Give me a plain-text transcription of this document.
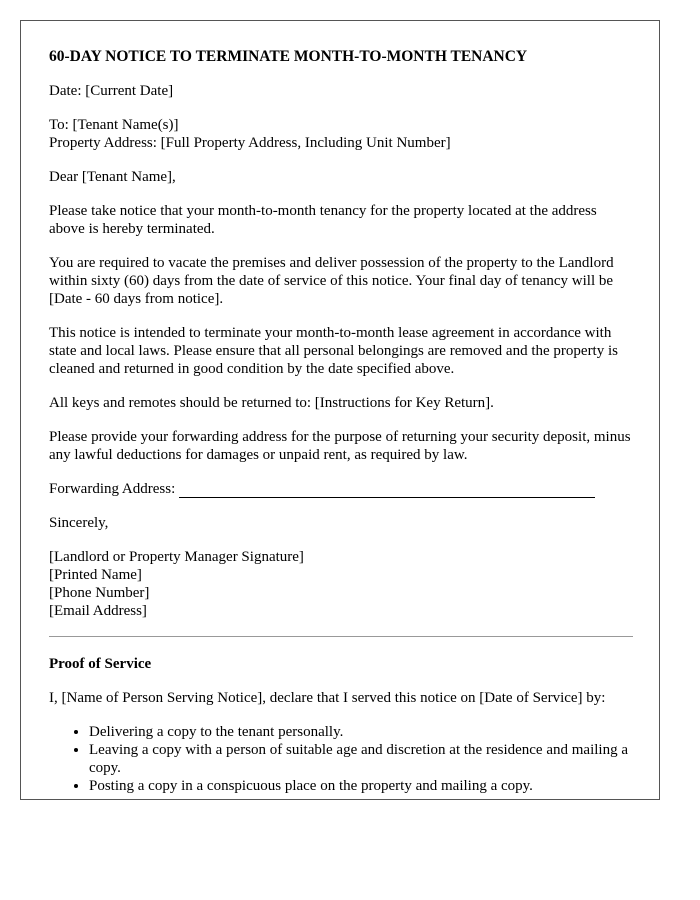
60-DAY NOTICE TO TERMINATE MONTH-TO-MONTH TENANCY

Date: [Current Date]

To: [Tenant Name(s)]
Property Address: [Full Property Address, Including Unit Number]

Dear [Tenant Name],

Please take notice that your month-to-month tenancy for the property located at the address above is hereby terminated.

You are required to vacate the premises and deliver possession of the property to the Landlord within sixty (60) days from the date of service of this notice. Your final day of tenancy will be [Date - 60 days from notice].

This notice is intended to terminate your month-to-month lease agreement in accordance with state and local laws. Please ensure that all personal belongings are removed and the property is cleaned and returned in good condition by the date specified above.

All keys and remotes should be returned to: [Instructions for Key Return].

Please provide your forwarding address for the purpose of returning your security deposit, minus any lawful deductions for damages or unpaid rent, as required by law.

Forwarding Address:

Sincerely,

[Landlord or Property Manager Signature]
[Printed Name]
[Phone Number]
[Email Address]
Proof of Service

I, [Name of Person Serving Notice], declare that I served this notice on [Date of Service] by:

• Delivering a copy to the tenant personally.
• Leaving a copy with a person of suitable age and discretion at the residence and mailing a copy.
• Posting a copy in a conspicuous place on the property and mailing a copy.
